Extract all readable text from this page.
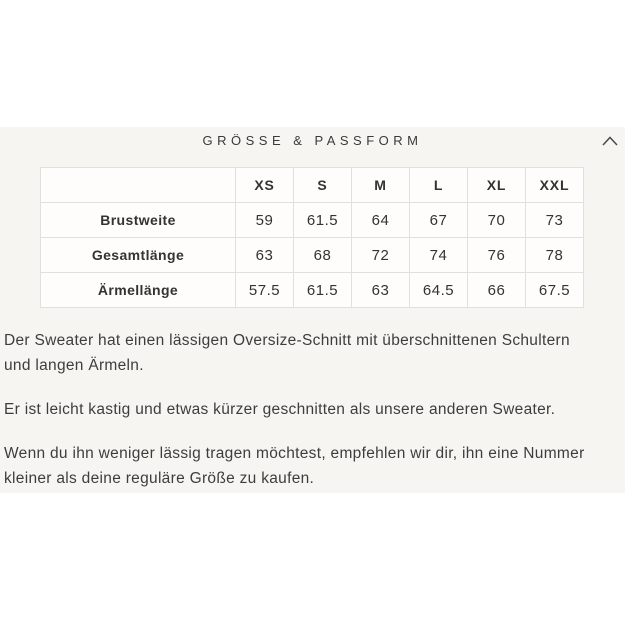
GRÖSSE & PASSFORM
	XS	S	M	L	XL	XXL
Brustweite	59	61.5	64	67	70	73
Gesamtlänge	63	68	72	74	76	78
Ärmellänge	57.5	61.5	63	64.5	66	67.5

Der Sweater hat einen lässigen Oversize-Schnitt mit überschnittenen Schultern und langen Ärmeln.

Er ist leicht kastig und etwas kürzer geschnitten als unsere anderen Sweater.

Wenn du ihn weniger lässig tragen möchtest, empfehlen wir dir, ihn eine Nummer kleiner als deine reguläre Größe zu kaufen.
